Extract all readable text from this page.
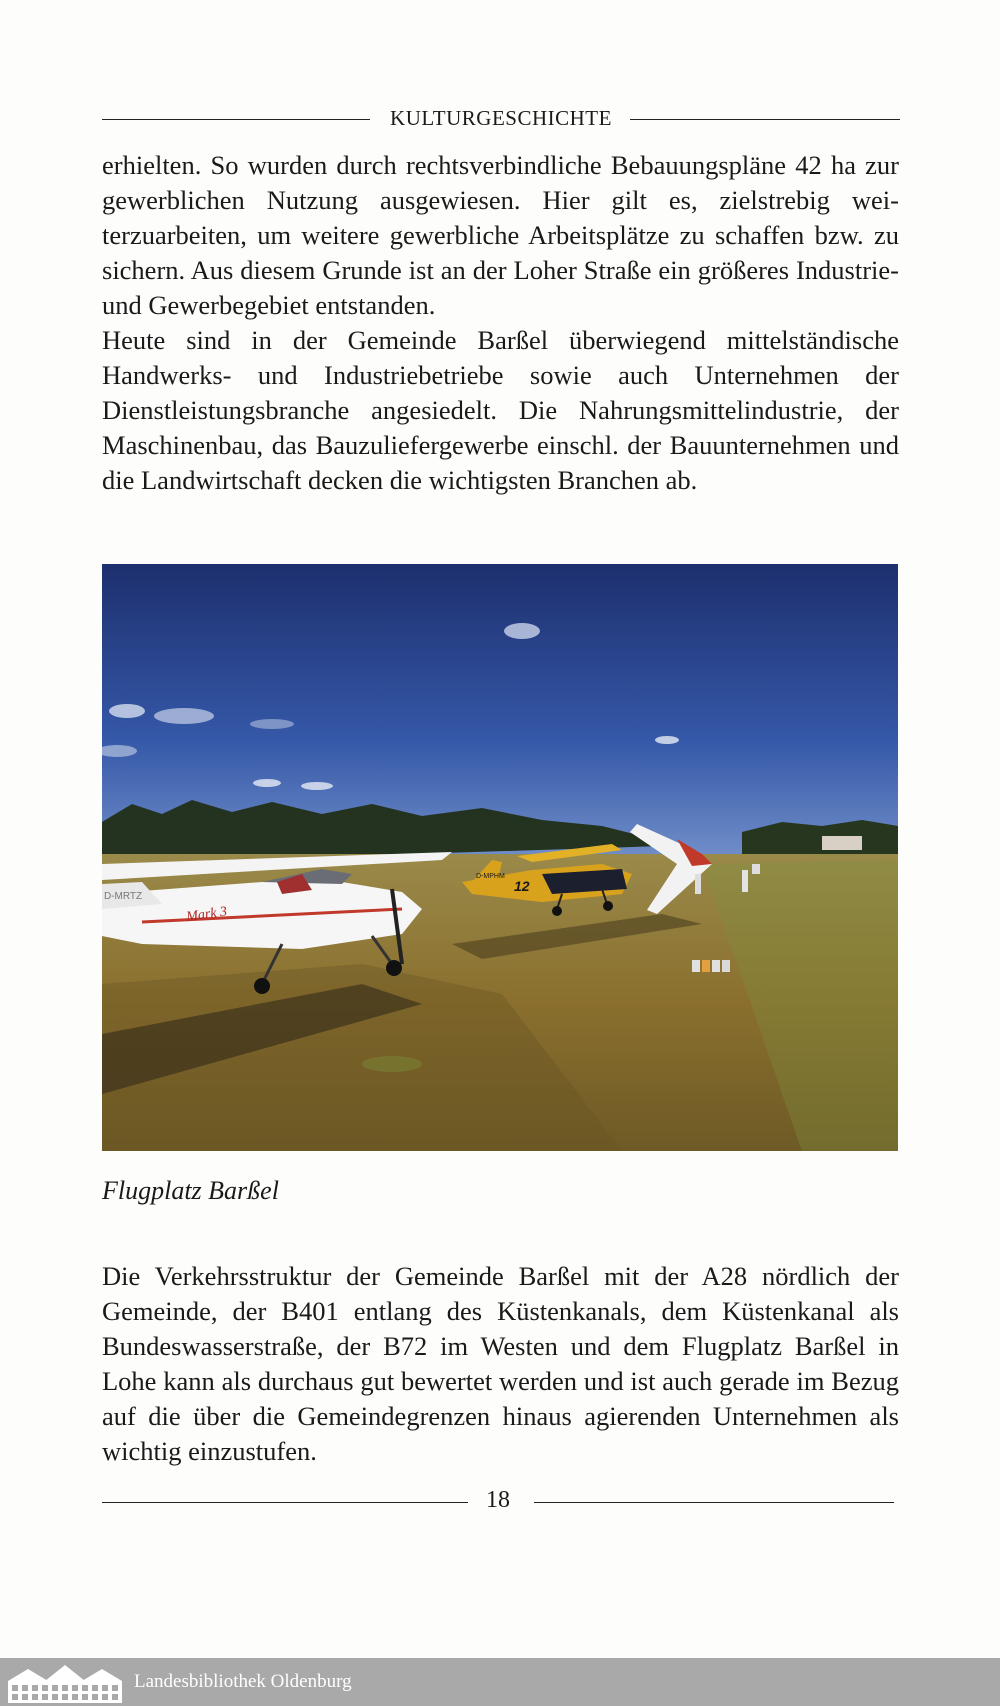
KULTURGESCHICHTE

erhielten. So wurden durch rechtsverbindliche Bebauungspläne 42 ha zur gewerblichen Nutzung ausgewiesen. Hier gilt es, zielstrebig weiterzuarbeiten, um weitere gewerbliche Arbeitsplätze zu schaffen bzw. zu sichern. Aus diesem Grunde ist an der Loher Straße ein größeres Industrie- und Gewerbegebiet entstanden.

Heute sind in der Gemeinde Barßel überwiegend mittelständische Handwerks- und Industriebetriebe sowie auch Unternehmen der Dienstleistungsbranche angesiedelt. Die Nahrungsmittelindustrie, der Maschinenbau, das Bauzuliefergewerbe einschl. der Bauunternehmen und die Landwirtschaft decken die wichtigsten Branchen ab.

Mark 3
D-MRTZ
12
D-MPHM
Flugplatz Barßel

Die Verkehrsstruktur der Gemeinde Barßel mit der A28 nördlich der Gemeinde, der B401 entlang des Küstenkanals, dem Küstenkanal als Bundeswasserstraße, der B72 im Westen und dem Flugplatz Barßel in Lohe kann als durchaus gut bewertet werden und ist auch gerade im Bezug auf die über die Gemeindegrenzen hinaus agierenden Unternehmen als wichtig einzustufen.

18
Landesbibliothek Oldenburg
